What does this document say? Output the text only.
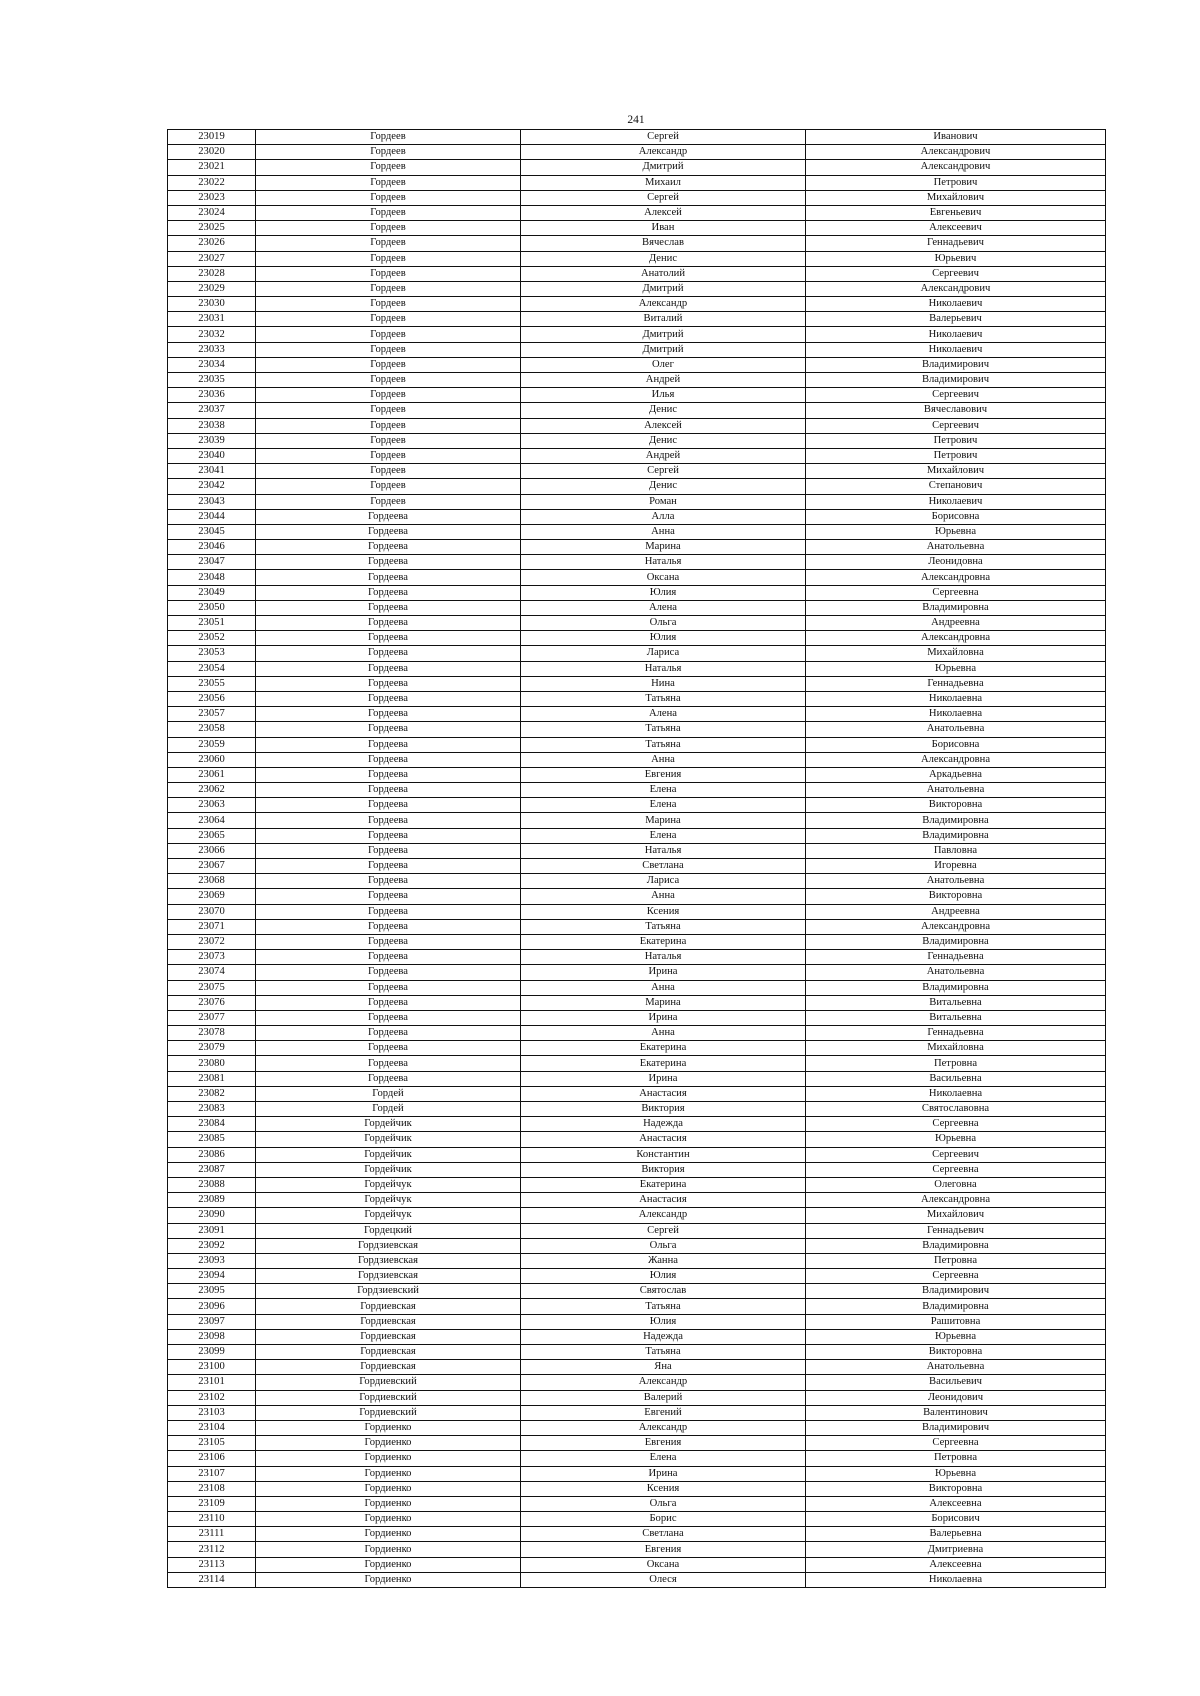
241
23019	Гордеев	Сергей	Иванович
23020	Гордеев	Александр	Александрович
23021	Гордеев	Дмитрий	Александрович
23022	Гордеев	Михаил	Петрович
23023	Гордеев	Сергей	Михайлович
23024	Гордеев	Алексей	Евгеньевич
23025	Гордеев	Иван	Алексеевич
23026	Гордеев	Вячеслав	Геннадьевич
23027	Гордеев	Денис	Юрьевич
23028	Гордеев	Анатолий	Сергеевич
23029	Гордеев	Дмитрий	Александрович
23030	Гордеев	Александр	Николаевич
23031	Гордеев	Виталий	Валерьевич
23032	Гордеев	Дмитрий	Николаевич
23033	Гордеев	Дмитрий	Николаевич
23034	Гордеев	Олег	Владимирович
23035	Гордеев	Андрей	Владимирович
23036	Гордеев	Илья	Сергеевич
23037	Гордеев	Денис	Вячеславович
23038	Гордеев	Алексей	Сергеевич
23039	Гордеев	Денис	Петрович
23040	Гордеев	Андрей	Петрович
23041	Гордеев	Сергей	Михайлович
23042	Гордеев	Денис	Степанович
23043	Гордеев	Роман	Николаевич
23044	Гордеева	Алла	Борисовна
23045	Гордеева	Анна	Юрьевна
23046	Гордеева	Марина	Анатольевна
23047	Гордеева	Наталья	Леонидовна
23048	Гордеева	Оксана	Александровна
23049	Гордеева	Юлия	Сергеевна
23050	Гордеева	Алена	Владимировна
23051	Гордеева	Ольга	Андреевна
23052	Гордеева	Юлия	Александровна
23053	Гордеева	Лариса	Михайловна
23054	Гордеева	Наталья	Юрьевна
23055	Гордеева	Нина	Геннадьевна
23056	Гордеева	Татьяна	Николаевна
23057	Гордеева	Алена	Николаевна
23058	Гордеева	Татьяна	Анатольевна
23059	Гордеева	Татьяна	Борисовна
23060	Гордеева	Анна	Александровна
23061	Гордеева	Евгения	Аркадьевна
23062	Гордеева	Елена	Анатольевна
23063	Гордеева	Елена	Викторовна
23064	Гордеева	Марина	Владимировна
23065	Гордеева	Елена	Владимировна
23066	Гордеева	Наталья	Павловна
23067	Гордеева	Светлана	Игоревна
23068	Гордеева	Лариса	Анатольевна
23069	Гордеева	Анна	Викторовна
23070	Гордеева	Ксения	Андреевна
23071	Гордеева	Татьяна	Александровна
23072	Гордеева	Екатерина	Владимировна
23073	Гордеева	Наталья	Геннадьевна
23074	Гордеева	Ирина	Анатольевна
23075	Гордеева	Анна	Владимировна
23076	Гордеева	Марина	Витальевна
23077	Гордеева	Ирина	Витальевна
23078	Гордеева	Анна	Геннадьевна
23079	Гордеева	Екатерина	Михайловна
23080	Гордеева	Екатерина	Петровна
23081	Гордеева	Ирина	Васильевна
23082	Гордей	Анастасия	Николаевна
23083	Гордей	Виктория	Святославовна
23084	Гордейчик	Надежда	Сергеевна
23085	Гордейчик	Анастасия	Юрьевна
23086	Гордейчик	Константин	Сергеевич
23087	Гордейчик	Виктория	Сергеевна
23088	Гордейчук	Екатерина	Олеговна
23089	Гордейчук	Анастасия	Александровна
23090	Гордейчук	Александр	Михайлович
23091	Гордецкий	Сергей	Геннадьевич
23092	Гордзиевская	Ольга	Владимировна
23093	Гордзиевская	Жанна	Петровна
23094	Гордзиевская	Юлия	Сергеевна
23095	Гордзиевский	Святослав	Владимирович
23096	Гордиевская	Татьяна	Владимировна
23097	Гордиевская	Юлия	Рашитовна
23098	Гордиевская	Надежда	Юрьевна
23099	Гордиевская	Татьяна	Викторовна
23100	Гордиевская	Яна	Анатольевна
23101	Гордиевский	Александр	Васильевич
23102	Гордиевский	Валерий	Леонидович
23103	Гордиевский	Евгений	Валентинович
23104	Гордиенко	Александр	Владимирович
23105	Гордиенко	Евгения	Сергеевна
23106	Гордиенко	Елена	Петровна
23107	Гордиенко	Ирина	Юрьевна
23108	Гордиенко	Ксения	Викторовна
23109	Гордиенко	Ольга	Алексеевна
23110	Гордиенко	Борис	Борисович
23111	Гордиенко	Светлана	Валерьевна
23112	Гордиенко	Евгения	Дмитриевна
23113	Гордиенко	Оксана	Алексеевна
23114	Гордиенко	Олеся	Николаевна
